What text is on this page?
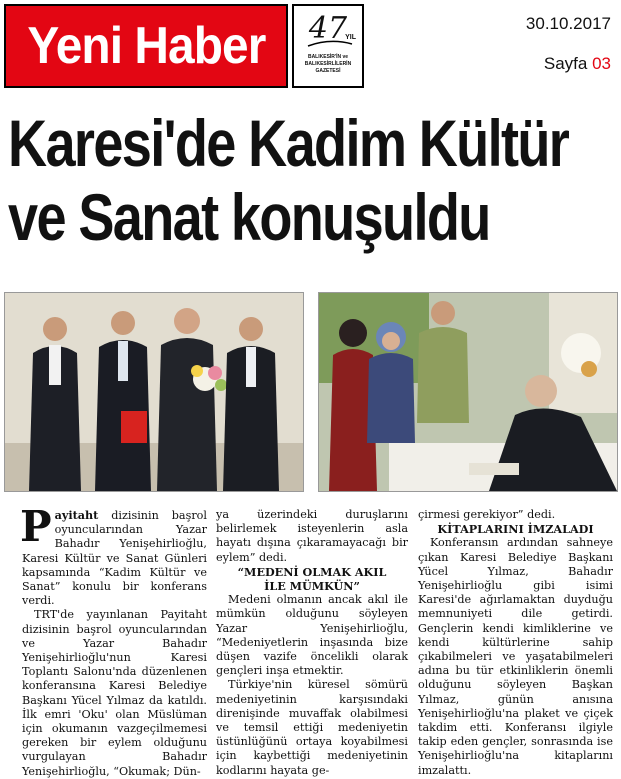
Yeni Haber	47
YIL
BALIKESİR'İN ve BALIKESİRLİLERİN GAZETESİ
30.10.2017
Sayfa 03
Karesi'de Kadim Kültür
ve Sanat konuşuldu

Payitaht dizisinin başrol oyuncularından Yazar Bahadır Yenişehirlioğlu, Karesi Kültür ve Sanat Günleri kapsamında “Kadim Kültür ve Sanat” konulu bir konferans verdi.

TRT'de yayınlanan Payitaht dizisinin başrol oyuncularından ve Yazar Bahadır Yenişehirlioğlu'nun Karesi Toplantı Salonu'nda düzenlenen konferansına Karesi Belediye Başkanı Yücel Yılmaz da katıldı. İlk emri 'Oku' olan Müslüman için okumanın vazgeçilmemesi gereken bir eylem olduğunu vurgulayan Bahadır Yenişehirlioğlu, “Okumak; Dün-

ya üzerindeki duruşlarını belirlemek isteyenlerin asla hayatı dışına çıkaramayacağı bir eylem” dedi.

“MEDENİ OLMAK AKIL
İLE MÜMKÜN”

Medeni olmanın ancak akıl ile mümkün olduğunu söyleyen Yazar Yenişehirlioğlu, “Medeniyetlerin inşasında bize düşen vazife öncelikli olarak gençleri inşa etmektir.

Türkiye'nin küresel sömürü medeniyetinin karşısındaki direnişinde muvaffak olabilmesi ve temsil ettiği medeniyetin üstünlüğünü ortaya koyabilmesi için kaybettiği medeniyetinin kodlarını hayata ge-

çirmesi gerekiyor” dedi.

KİTAPLARINI İMZALADI

Konferansın ardından sahneye çıkan Karesi Belediye Başkanı Yücel Yılmaz, Bahadır Yenişehirlioğlu gibi isimi Karesi'de ağırlamaktan duyduğu memnuniyeti dile getirdi. Gençlerin kendi kimliklerine ve kendi kültürlerine sahip çıkabilmeleri ve yaşatabilmeleri adına bu tür etkinliklerin önemli olduğunu söyleyen Başkan Yılmaz, günün anısına Yenişehirlioğlu'na plaket ve çiçek takdim etti. Konferansı ilgiyle takip eden gençler, sonrasında ise Yenişehirlioğlu'na kitaplarını imzalattı.
